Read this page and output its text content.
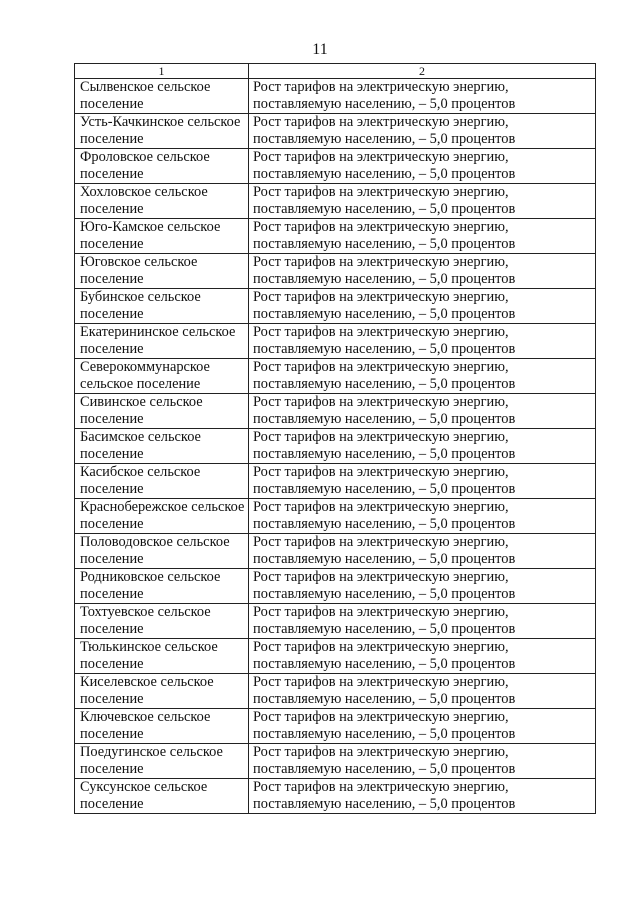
11
1	2
Сылвенское сельское поселение	Рост тарифов на электрическую энергию,
поставляемую населению, – 5,0 процентов

Усть-Качкинское сельское поселение	Рост тарифов на электрическую энергию,
поставляемую населению, – 5,0 процентов

Фроловское сельское поселение	Рост тарифов на электрическую энергию,
поставляемую населению, – 5,0 процентов

Хохловское сельское поселение	Рост тарифов на электрическую энергию,
поставляемую населению, – 5,0 процентов

Юго-Камское сельское поселение	Рост тарифов на электрическую энергию,
поставляемую населению, – 5,0 процентов

Юговское сельское поселение	Рост тарифов на электрическую энергию,
поставляемую населению, – 5,0 процентов

Бубинское сельское поселение	Рост тарифов на электрическую энергию,
поставляемую населению, – 5,0 процентов

Екатерининское сельское поселение	Рост тарифов на электрическую энергию,
поставляемую населению, – 5,0 процентов

Северокоммунарское сельское поселение	Рост тарифов на электрическую энергию,
поставляемую населению, – 5,0 процентов

Сивинское сельское поселение	Рост тарифов на электрическую энергию,
поставляемую населению, – 5,0 процентов

Басимское сельское поселение	Рост тарифов на электрическую энергию,
поставляемую населению, – 5,0 процентов

Касибское сельское поселение	Рост тарифов на электрическую энергию,
поставляемую населению, – 5,0 процентов

Краснобережское сельское поселение	Рост тарифов на электрическую энергию,
поставляемую населению, – 5,0 процентов

Половодовское сельское поселение	Рост тарифов на электрическую энергию,
поставляемую населению, – 5,0 процентов

Родниковское сельское поселение	Рост тарифов на электрическую энергию,
поставляемую населению, – 5,0 процентов

Тохтуевское сельское поселение	Рост тарифов на электрическую энергию,
поставляемую населению, – 5,0 процентов

Тюлькинское сельское поселение	Рост тарифов на электрическую энергию,
поставляемую населению, – 5,0 процентов

Киселевское сельское поселение	Рост тарифов на электрическую энергию,
поставляемую населению, – 5,0 процентов

Ключевское сельское поселение	Рост тарифов на электрическую энергию,
поставляемую населению, – 5,0 процентов

Поедугинское сельское поселение	Рост тарифов на электрическую энергию,
поставляемую населению, – 5,0 процентов

Суксунское сельское поселение	Рост тарифов на электрическую энергию,
поставляемую населению, – 5,0 процентов
